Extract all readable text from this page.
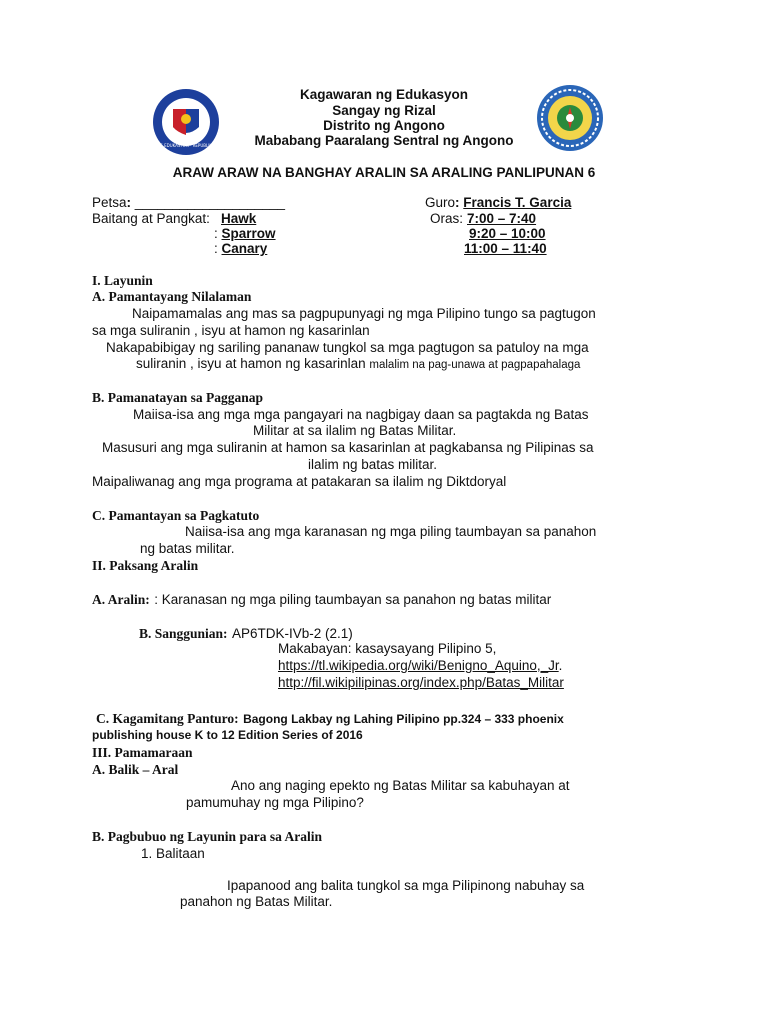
KAGAWARAN NG EDUKASYON · REPUBLIKA NG PILIPINAS
Kagawaran ng Edukasyon
Sangay ng Rizal
Distrito ng Angono
Mababang Paaralang Sentral ng Angono
ARAW ARAW NA BANGHAY ARALIN SA ARALING PANLIPUNAN 6
Petsa: ____________________	Guro: Francis T. Garcia
Baitang at Pangkat: Hawk
: Sparrow
: Canary
Oras: 7:00 – 7:40
9:20 – 10:00
11:00 – 11:40
I. Layunin
A. Pamantayang Nilalaman
Naipamamalas ang mas sa pagpupunyagi ng mga Pilipino tungo sa pagtugon
sa mga suliranin , isyu at hamon ng kasarinlan
Nakapabibigay ng sariling pananaw tungkol sa mga pagtugon sa patuloy na mga
suliranin , isyu at hamon ng kasarinlan malalim na pag-unawa at pagpapahalaga
B. Pamanatayan sa Pagganap
Maiisa-isa ang mga mga pangayari na nagbigay daan sa pagtakda ng Batas
Militar at sa ilalim ng Batas Militar.
Masusuri ang mga suliranin at hamon sa kasarinlan at pagkabansa ng Pilipinas sa
ilalim ng batas militar.
Maipaliwanag ang mga programa at patakaran sa ilalim ng Diktdoryal
C. Pamantayan sa Pagkatuto
Naiisa-isa ang mga karanasan ng mga piling taumbayan sa panahon
ng batas militar.
II. Paksang Aralin
A. Aralin: : Karanasan ng mga piling taumbayan sa panahon ng batas militar
B. Sanggunian: AP6TDK-IVb-2 (2.1)
Makabayan: kasaysayang Pilipino 5,
https://tl.wikipedia.org/wiki/Benigno_Aquino,_Jr.
http://fil.wikipilipinas.org/index.php/Batas_Militar
C. Kagamitang Panturo: Bagong Lakbay ng Lahing Pilipino pp.324 – 333 phoenix
publishing house K to 12 Edition Series of 2016
III. Pamamaraan
A. Balik – Aral
Ano ang naging epekto ng Batas Militar sa kabuhayan at
pamumuhay ng mga Pilipino?
B. Pagbubuo ng Layunin para sa Aralin
1. Balitaan
Ipapanood ang balita tungkol sa mga Pilipinong nabuhay sa
panahon ng Batas Militar.
